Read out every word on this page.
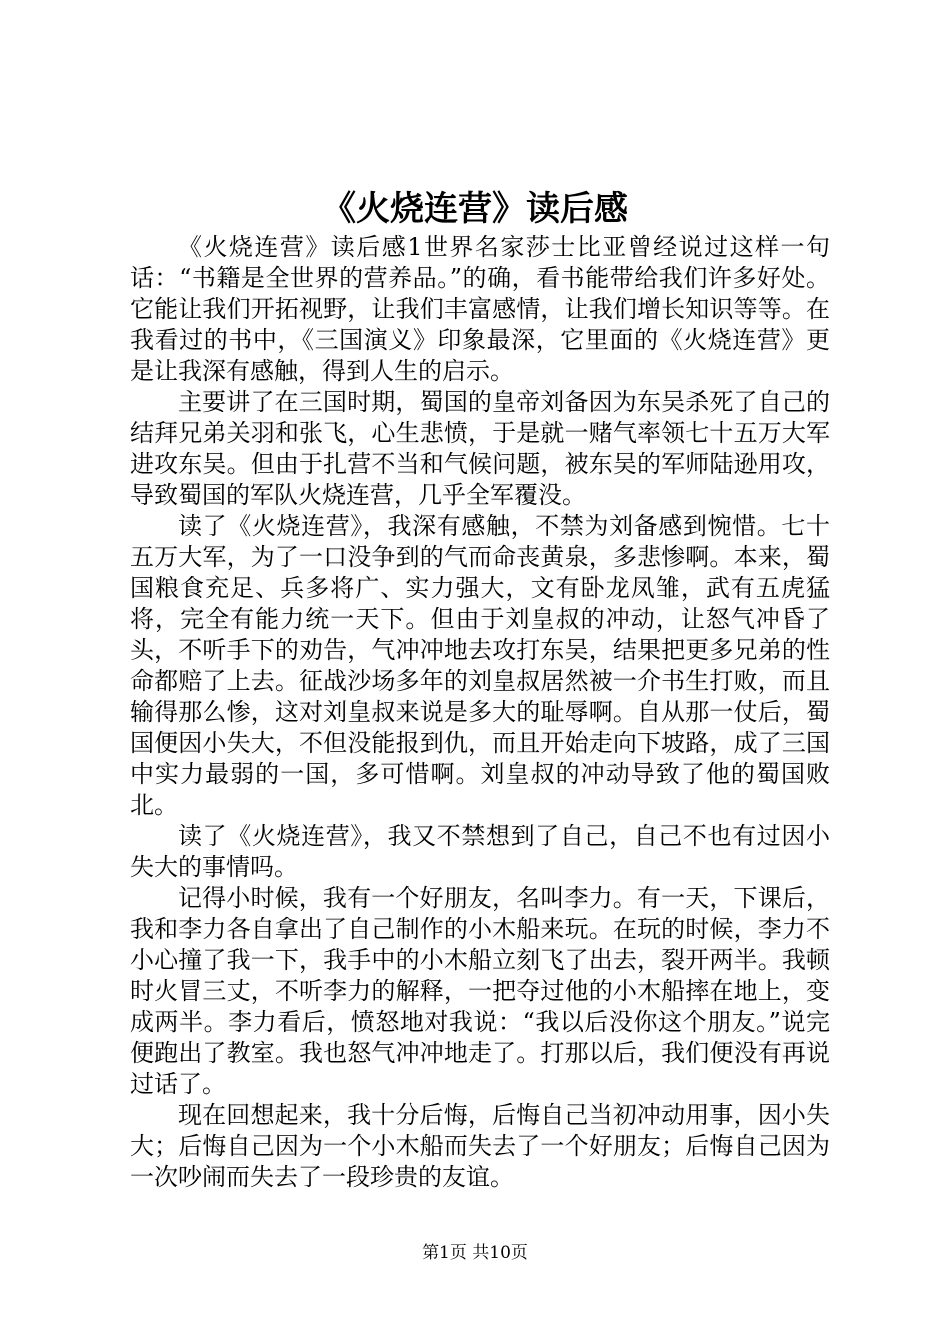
《火烧连营》读后感

《火烧连营》读后感1世界名家莎士比亚曾经说过这样一句话：“书籍是全世界的营养品。”的确，看书能带给我们许多好处。它能让我们开拓视野，让我们丰富感情，让我们增长知识等等。在我看过的书中，《三国演义》印象最深，它里面的《火烧连营》更是让我深有感触，得到人生的启示。

主要讲了在三国时期，蜀国的皇帝刘备因为东吴杀死了自己的结拜兄弟关羽和张飞，心生悲愤，于是就一赌气率领七十五万大军进攻东吴。但由于扎营不当和气候问题，被东吴的军师陆逊用攻，导致蜀国的军队火烧连营，几乎全军覆没。

读了《火烧连营》，我深有感触，不禁为刘备感到惋惜。七十五万大军，为了一口没争到的气而命丧黄泉，多悲惨啊。本来，蜀国粮食充足、兵多将广、实力强大，文有卧龙凤雏，武有五虎猛将，完全有能力统一天下。但由于刘皇叔的冲动，让怒气冲昏了头，不听手下的劝告，气冲冲地去攻打东吴，结果把更多兄弟的性命都赔了上去。征战沙场多年的刘皇叔居然被一介书生打败，而且输得那么惨，这对刘皇叔来说是多大的耻辱啊。自从那一仗后，蜀国便因小失大，不但没能报到仇，而且开始走向下坡路，成了三国中实力最弱的一国，多可惜啊。刘皇叔的冲动导致了他的蜀国败北。

读了《火烧连营》，我又不禁想到了自己，自己不也有过因小失大的事情吗。

记得小时候，我有一个好朋友，名叫李力。有一天，下课后，我和李力各自拿出了自己制作的小木船来玩。在玩的时候，李力不小心撞了我一下，我手中的小木船立刻飞了出去，裂开两半。我顿时火冒三丈，不听李力的解释，一把夺过他的小木船摔在地上，变成两半。李力看后，愤怒地对我说：“我以后没你这个朋友。”说完便跑出了教室。我也怒气冲冲地走了。打那以后，我们便没有再说过话了。

现在回想起来，我十分后悔，后悔自己当初冲动用事，因小失大；后悔自己因为一个小木船而失去了一个好朋友；后悔自己因为一次吵闹而失去了一段珍贵的友谊。

第1页 共10页
